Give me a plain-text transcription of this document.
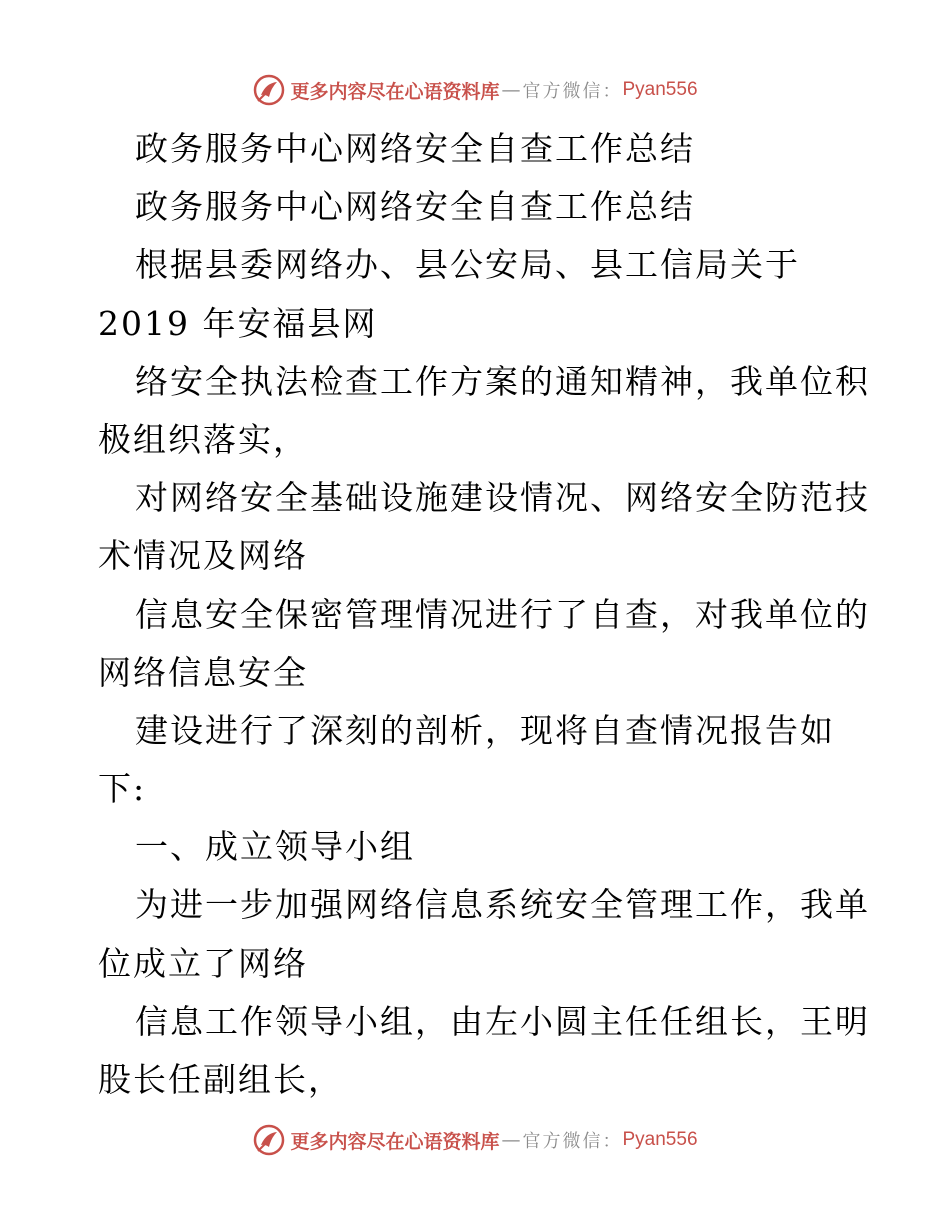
更多内容尽在心语资料库 — 官方微信： Pyan556
政务服务中心网络安全自查工作总结
政务服务中心网络安全自查工作总结
根据县委网络办、县公安局、县工信局关于
2019 年安福县网
络安全执法检查工作方案的通知精神，我单位积
极组织落实，
对网络安全基础设施建设情况、网络安全防范技
术情况及网络
信息安全保密管理情况进行了自查，对我单位的
网络信息安全
建设进行了深刻的剖析，现将自查情况报告如
下:
一、成立领导小组
为进一步加强网络信息系统安全管理工作，我单
位成立了网络
信息工作领导小组，由左小圆主任任组长，王明
股长任副组长，
更多内容尽在心语资料库 — 官方微信： Pyan556
